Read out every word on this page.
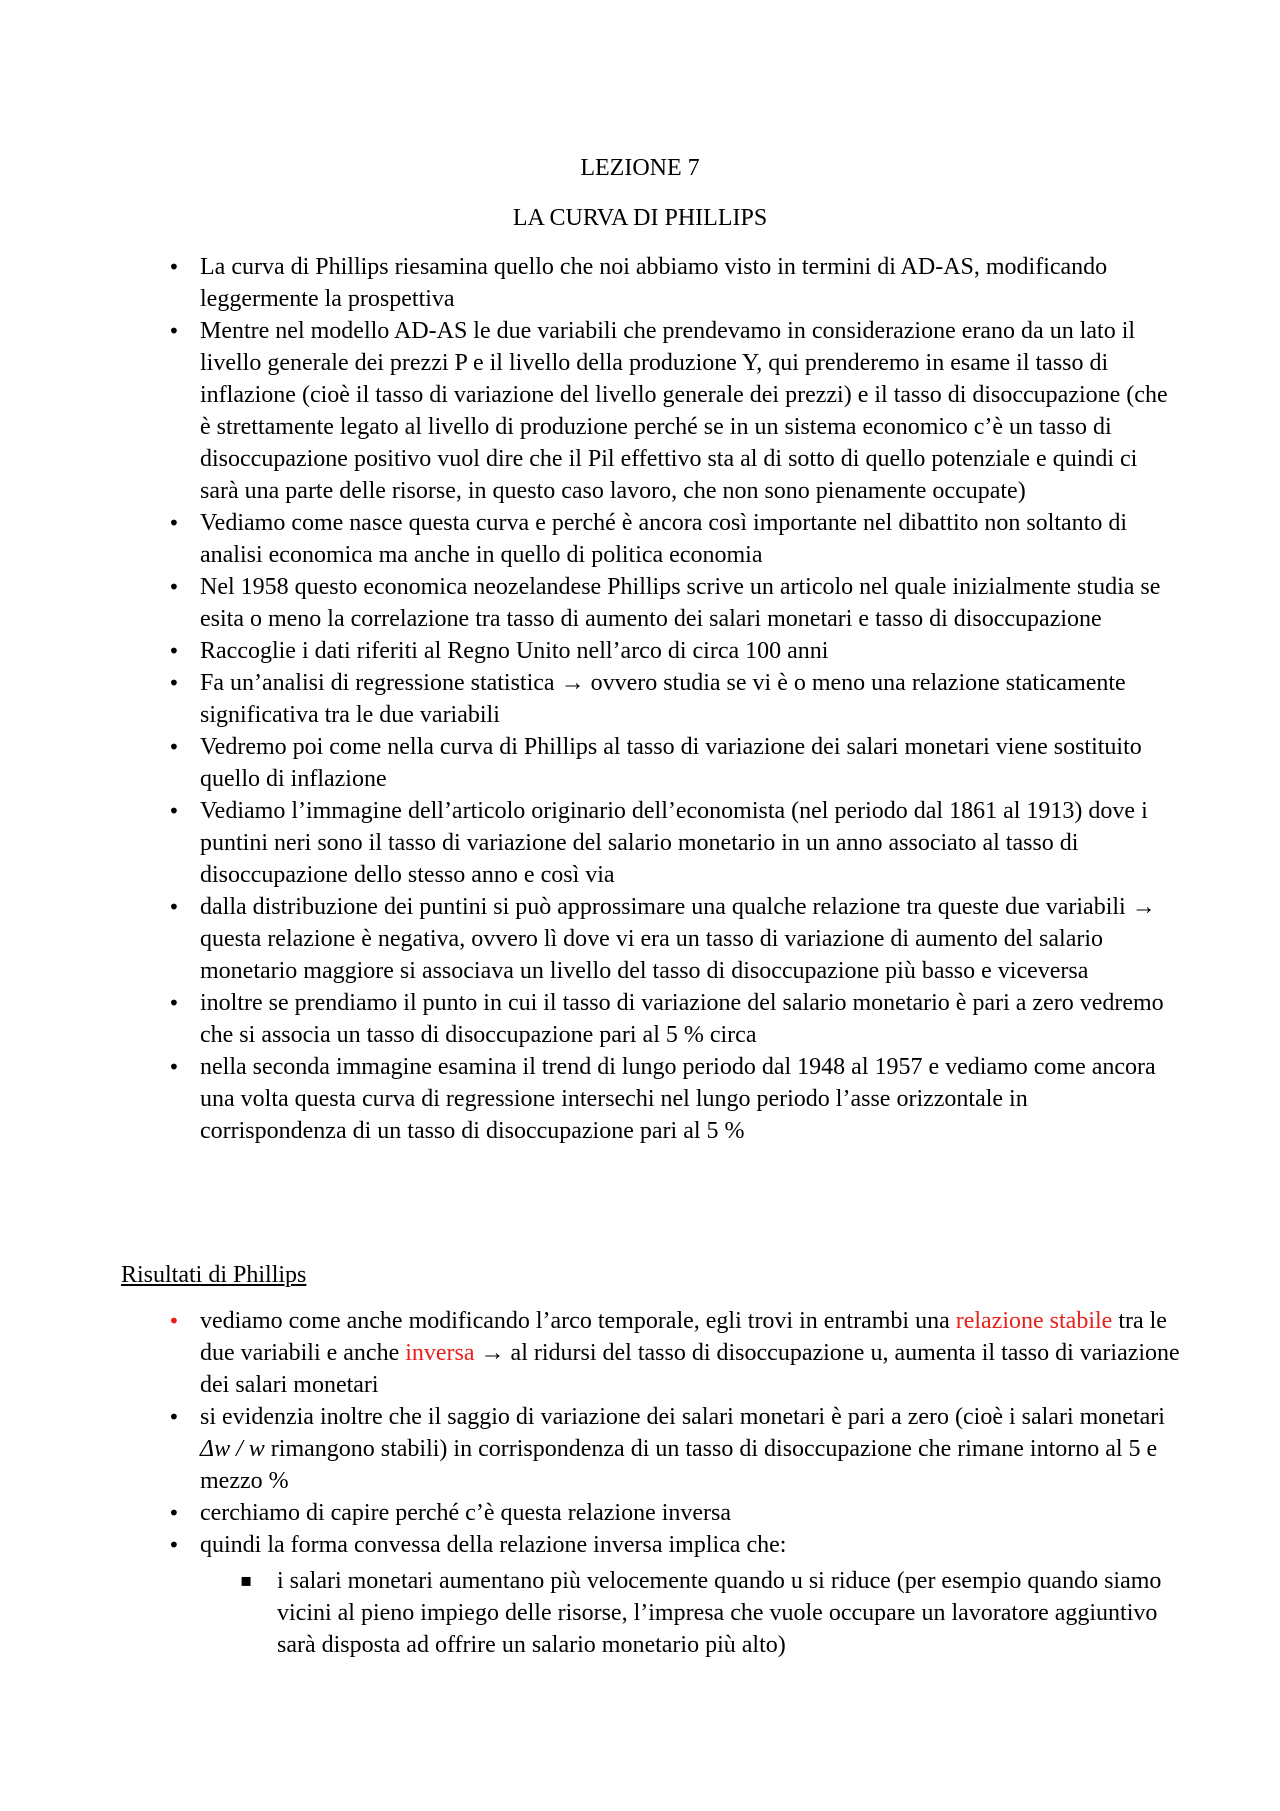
LEZIONE 7
LA CURVA DI PHILLIPS
• La curva di Phillips riesamina quello che noi abbiamo visto in termini di AD-AS, modificando leggermente la prospettiva
• Mentre nel modello AD-AS le due variabili che prendevamo in considerazione erano da un lato il livello generale dei prezzi P e il livello della produzione Y, qui prenderemo in esame il tasso di inflazione (cioè il tasso di variazione del livello generale dei prezzi) e il tasso di disoccupazione (che è strettamente legato al livello di produzione perché se in un sistema economico c’è un tasso di disoccupazione positivo vuol dire che il Pil effettivo sta al di sotto di quello potenziale e quindi ci sarà una parte delle risorse, in questo caso lavoro, che non sono pienamente occupate)
• Vediamo come nasce questa curva e perché è ancora così importante nel dibattito non soltanto di analisi economica ma anche in quello di politica economia
• Nel 1958 questo economica neozelandese Phillips scrive un articolo nel quale inizialmente studia se esita o meno la correlazione tra tasso di aumento dei salari monetari e tasso di disoccupazione
• Raccoglie i dati riferiti al Regno Unito nell’arco di circa 100 anni
• Fa un’analisi di regressione statistica → ovvero studia se vi è o meno una relazione staticamente significativa tra le due variabili
• Vedremo poi come nella curva di Phillips al tasso di variazione dei salari monetari viene sostituito quello di inflazione
• Vediamo l’immagine dell’articolo originario dell’economista (nel periodo dal 1861 al 1913) dove i puntini neri sono il tasso di variazione del salario monetario in un anno associato al tasso di disoccupazione dello stesso anno e così via
• dalla distribuzione dei puntini si può approssimare una qualche relazione tra queste due variabili → questa relazione è negativa, ovvero lì dove vi era un tasso di variazione di aumento del salario monetario maggiore si associava un livello del tasso di disoccupazione più basso e viceversa
• inoltre se prendiamo il punto in cui il tasso di variazione del salario monetario è pari a zero vedremo che si associa un tasso di disoccupazione pari al 5 % circa
• nella seconda immagine esamina il trend di lungo periodo dal 1948 al 1957 e vediamo come ancora una volta questa curva di regressione intersechi nel lungo periodo l’asse orizzontale in corrispondenza di un tasso di disoccupazione pari al 5 %
Risultati di Phillips
• vediamo come anche modificando l’arco temporale, egli trovi in entrambi una relazione stabile tra le due variabili e anche inversa → al ridursi del tasso di disoccupazione u, aumenta il tasso di variazione dei salari monetari
• si evidenzia inoltre che il saggio di variazione dei salari monetari è pari a zero (cioè i salari monetari Δw / w rimangono stabili) in corrispondenza di un tasso di disoccupazione che rimane intorno al 5 e mezzo %
• cerchiamo di capire perché c’è questa relazione inversa
• quindi la forma convessa della relazione inversa implica che:
▪ i salari monetari aumentano più velocemente quando u si riduce (per esempio quando siamo vicini al pieno impiego delle risorse, l’impresa che vuole occupare un lavoratore aggiuntivo sarà disposta ad offrire un salario monetario più alto)
